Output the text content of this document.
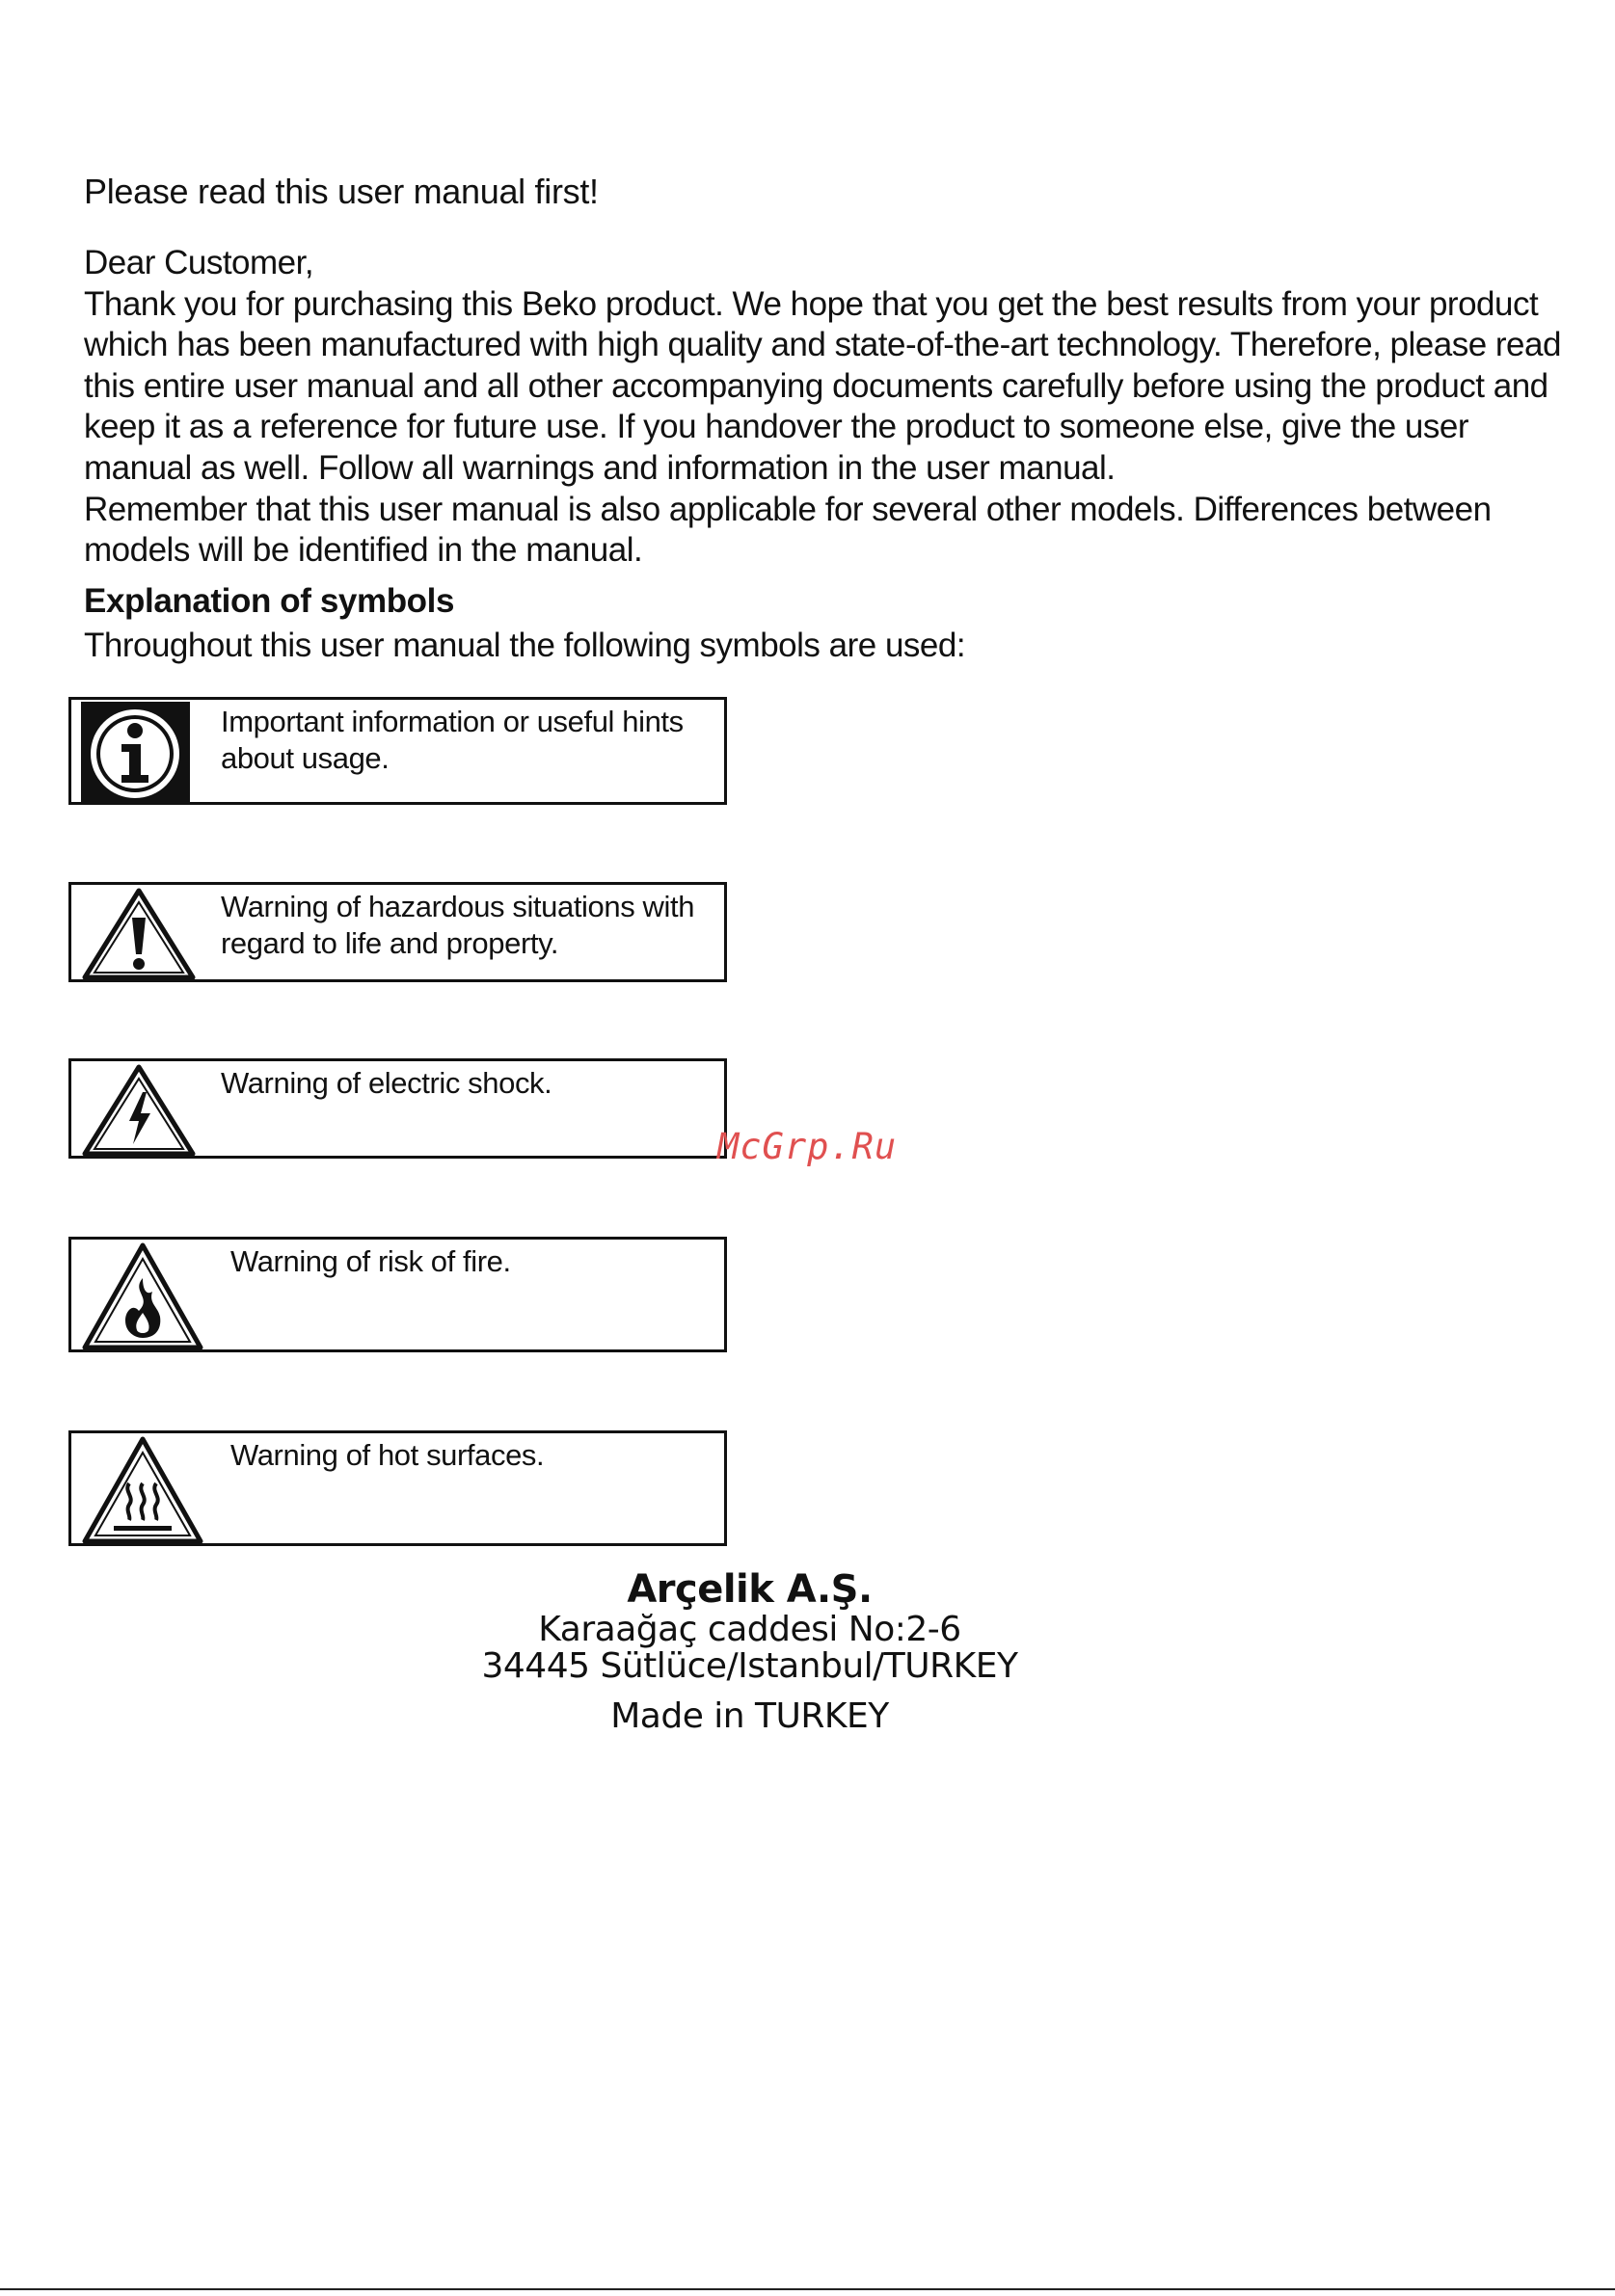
Please read this user manual first!

Dear Customer,

Thank you for purchasing this Beko product. We hope that you get the best results from your product which has been manufactured with high quality and state-of-the-art technology. Therefore, please read this entire user manual and all other accompanying documents carefully before using the product and keep it as a reference for future use. If you handover the product to someone else, give the user manual as well. Follow all warnings and information in the user manual.

Remember that this user manual is also applicable for several other models. Differences between models will be identified in the manual.

Explanation of symbols

Throughout this user manual the following symbols are used:

Important information or useful hints about usage.
Warning of hazardous situations with regard to life and property.
Warning of electric shock.
Warning of risk of fire.
Warning of hot surfaces.
McGrp.Ru
Arçelik A.Ş.
Karaağaç caddesi No:2-6
34445 Sütlüce/Istanbul/TURKEY
Made in TURKEY
